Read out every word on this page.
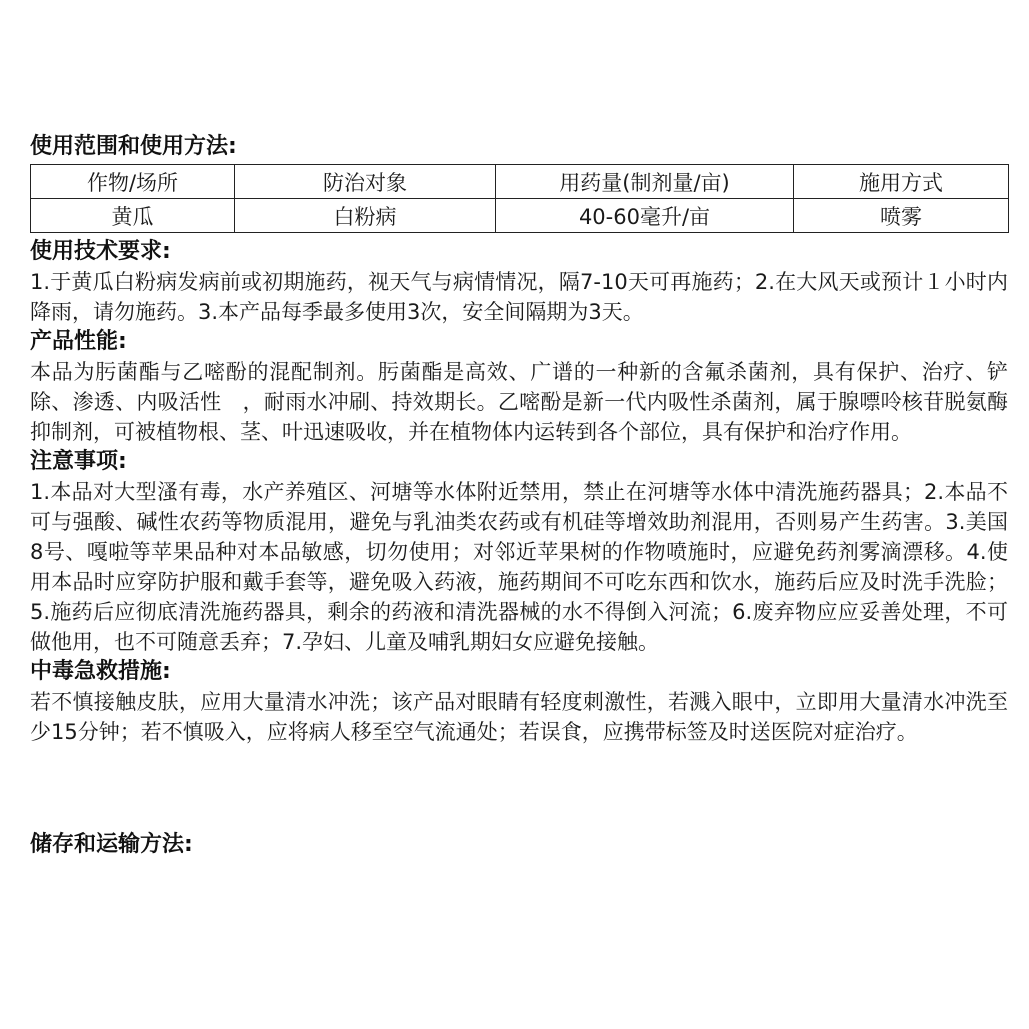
使用范围和使用方法:
作物/场所	防治对象	用药量(制剂量/亩)	施用方式
黄瓜	白粉病	40-60毫升/亩	喷雾
使用技术要求:

1.于黄瓜白粉病发病前或初期施药，视天气与病情情况，隔7-10天可再施药；2.在大风天或预计１小时内降雨，请勿施药。3.本产品每季最多使用3次，安全间隔期为3天。

产品性能:

本品为肟菌酯与乙嘧酚的混配制剂。肟菌酯是高效、广谱的一种新的含氟杀菌剂，具有保护、治疗、铲除、渗透、内吸活性　，耐雨水冲刷、持效期长。乙嘧酚是新一代内吸性杀菌剂，属于腺嘌呤核苷脱氨酶抑制剂，可被植物根、茎、叶迅速吸收，并在植物体内运转到各个部位，具有保护和治疗作用。

注意事项:

1.本品对大型溞有毒，水产养殖区、河塘等水体附近禁用，禁止在河塘等水体中清洗施药器具；2.本品不可与强酸、碱性农药等物质混用，避免与乳油类农药或有机硅等增效助剂混用，否则易产生药害。3.美国8号、嘎啦等苹果品种对本品敏感，切勿使用；对邻近苹果树的作物喷施时，应避免药剂雾滴漂移。4.使用本品时应穿防护服和戴手套等，避免吸入药液，施药期间不可吃东西和饮水，施药后应及时洗手洗脸；5.施药后应彻底清洗施药器具，剩余的药液和清洗器械的水不得倒入河流；6.废弃物应应妥善处理，不可做他用，也不可随意丢弃；7.孕妇、儿童及哺乳期妇女应避免接触。

中毒急救措施:

若不慎接触皮肤，应用大量清水冲洗；该产品对眼睛有轻度刺激性，若溅入眼中，立即用大量清水冲洗至少15分钟；若不慎吸入，应将病人移至空气流通处；若误食，应携带标签及时送医院对症治疗。

储存和运输方法:
